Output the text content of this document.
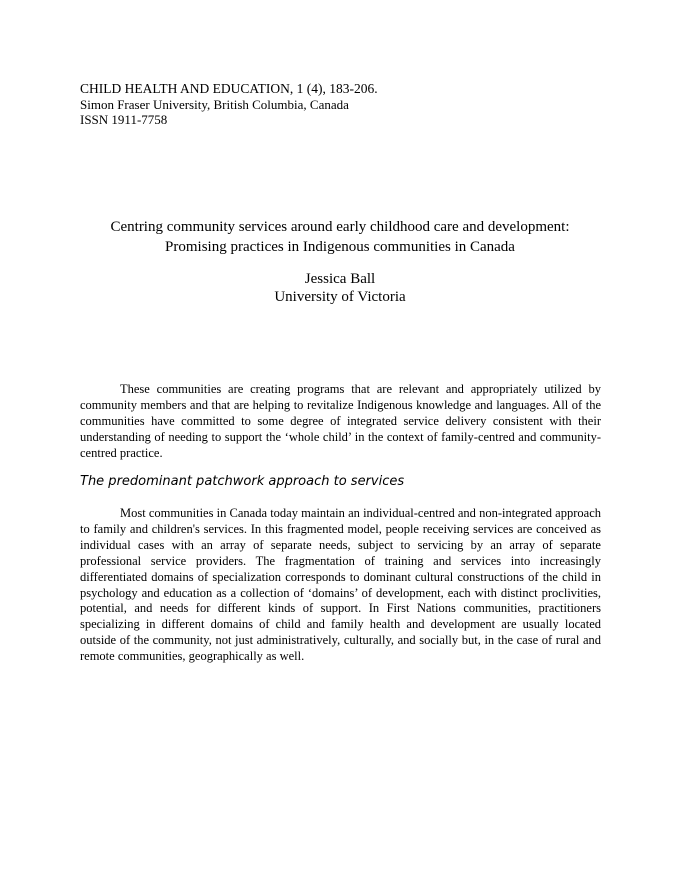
CHILD HEALTH AND EDUCATION, 1 (4), 183-206.
Simon Fraser University, British Columbia, Canada
ISSN 1911-7758
Centring community services around early childhood care and development:
Promising practices in Indigenous communities in Canada
Jessica Ball
University of Victoria

These communities are creating programs that are relevant and appropriately utilized by community members and that are helping to revitalize Indigenous knowledge and languages. All of the communities have committed to some degree of integrated service delivery consistent with their understanding of needing to support the ‘whole child’ in the context of family-centred and community-centred practice.

The predominant patchwork approach to services

Most communities in Canada today maintain an individual-centred and non-integrated approach to family and children's services. In this fragmented model, people receiving services are conceived as individual cases with an array of separate needs, subject to servicing by an array of separate professional service providers. The fragmentation of training and services into increasingly differentiated domains of specialization corresponds to dominant cultural constructions of the child in psychology and education as a collection of ‘domains’ of development, each with distinct proclivities, potential, and needs for different kinds of support. In First Nations communities, practitioners specializing in different domains of child and family health and development are usually located outside of the community, not just administratively, culturally, and socially but, in the case of rural and remote communities, geographically as well.
